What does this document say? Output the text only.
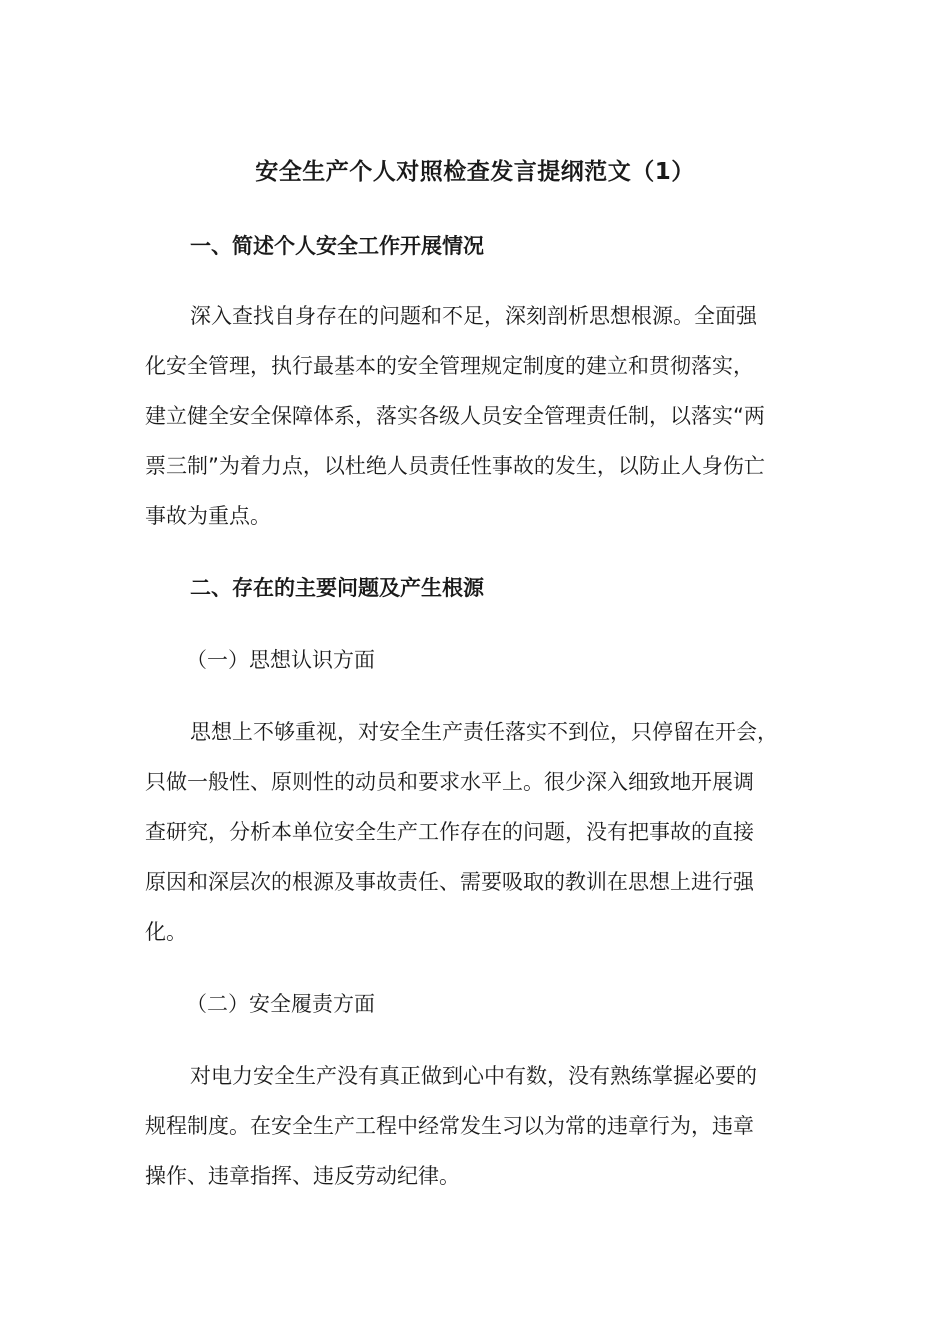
安全生产个人对照检查发言提纲范文（1）
一、简述个人安全工作开展情况
深入查找自身存在的问题和不足，深刻剖析思想根源。全面强
化安全管理，执行最基本的安全管理规定制度的建立和贯彻落实，
建立健全安全保障体系，落实各级人员安全管理责任制，以落实“两
票三制”为着力点，以杜绝人员责任性事故的发生，以防止人身伤亡
事故为重点。
二、存在的主要问题及产生根源
（一）思想认识方面
思想上不够重视，对安全生产责任落实不到位，只停留在开会，
只做一般性、原则性的动员和要求水平上。很少深入细致地开展调
查研究，分析本单位安全生产工作存在的问题，没有把事故的直接
原因和深层次的根源及事故责任、需要吸取的教训在思想上进行强
化。
（二）安全履责方面
对电力安全生产没有真正做到心中有数，没有熟练掌握必要的
规程制度。在安全生产工程中经常发生习以为常的违章行为，违章
操作、违章指挥、违反劳动纪律。
